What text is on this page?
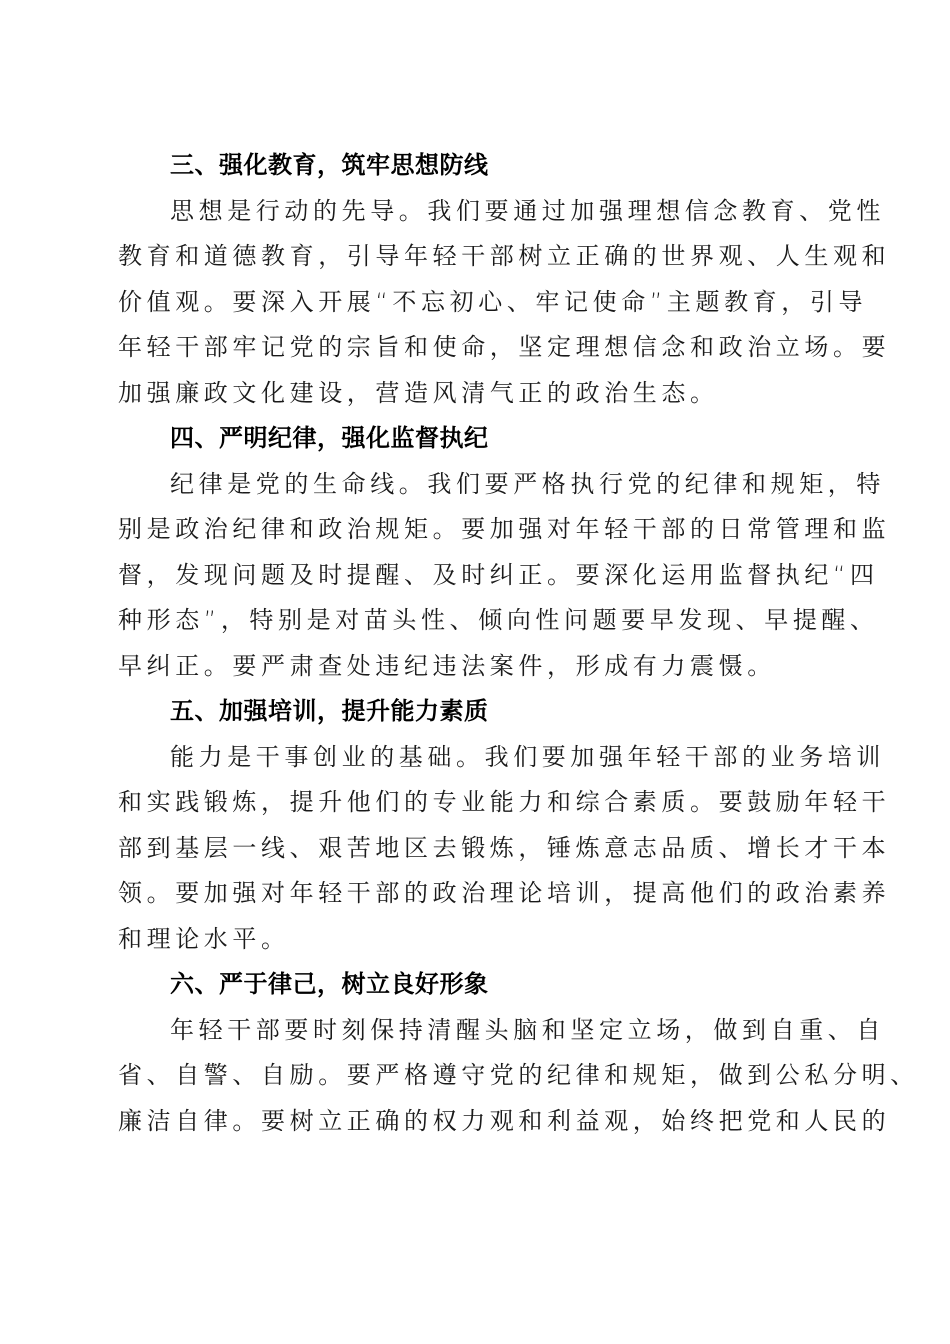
三、强化教育，筑牢思想防线
思想是行动的先导。我们要通过加强理想信念教育、党性
教育和道德教育，引导年轻干部树立正确的世界观、人生观和
价值观。要深入开展“不忘初心、牢记使命”主题教育，引导
年轻干部牢记党的宗旨和使命，坚定理想信念和政治立场。要
加强廉政文化建设，营造风清气正的政治生态。
四、严明纪律，强化监督执纪
纪律是党的生命线。我们要严格执行党的纪律和规矩，特
别是政治纪律和政治规矩。要加强对年轻干部的日常管理和监
督，发现问题及时提醒、及时纠正。要深化运用监督执纪“四
种形态”，特别是对苗头性、倾向性问题要早发现、早提醒、
早纠正。要严肃查处违纪违法案件，形成有力震慑。
五、加强培训，提升能力素质
能力是干事创业的基础。我们要加强年轻干部的业务培训
和实践锻炼，提升他们的专业能力和综合素质。要鼓励年轻干
部到基层一线、艰苦地区去锻炼，锤炼意志品质、增长才干本
领。要加强对年轻干部的政治理论培训，提高他们的政治素养
和理论水平。
六、严于律己，树立良好形象
年轻干部要时刻保持清醒头脑和坚定立场，做到自重、自
省、自警、自励。要严格遵守党的纪律和规矩，做到公私分明、
廉洁自律。要树立正确的权力观和利益观，始终把党和人民的
